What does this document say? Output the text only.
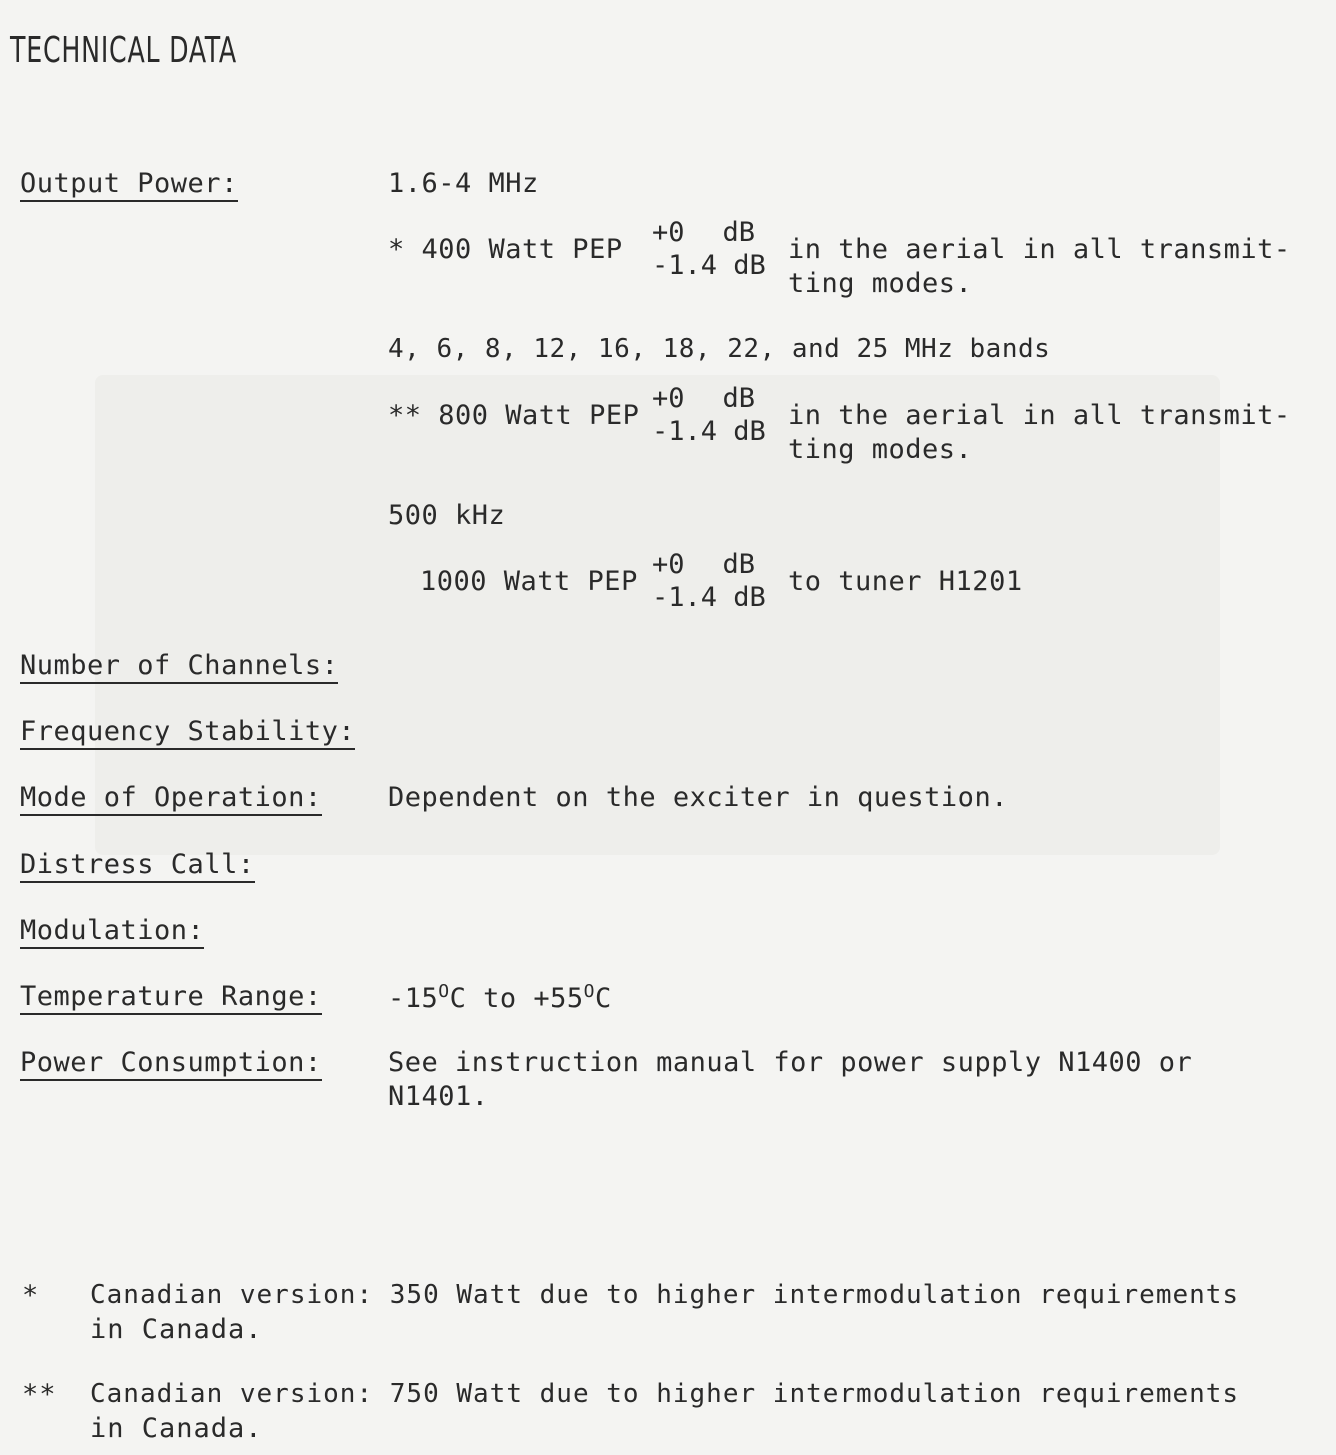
TECHNICAL DATA
Output Power:	1.6-4 MHz
* 400 Watt PEP
+0 dB
-1.4 dB
in the aerial in all transmit-
ting modes.
4, 6, 8, 12, 16, 18, 22, and 25 MHz bands
** 800 Watt PEP
+0 dB
-1.4 dB
in the aerial in all transmit-
ting modes.
500 kHz
1000 Watt PEP
+0 dB
-1.4 dB
to tuner H1201
Number of Channels:
Frequency Stability:
Mode of Operation: Dependent on the exciter in question.
Distress Call:
Modulation:
Temperature Range: $-15^OC$ to $+55^OC$
Power Consumption: See instruction manual for power supply N1400 or
N1401.
* Canadian version: 350 Watt due to higher intermodulation requirements
in Canada.
** Canadian version: 750 Watt due to higher intermodulation requirements
in Canada.
